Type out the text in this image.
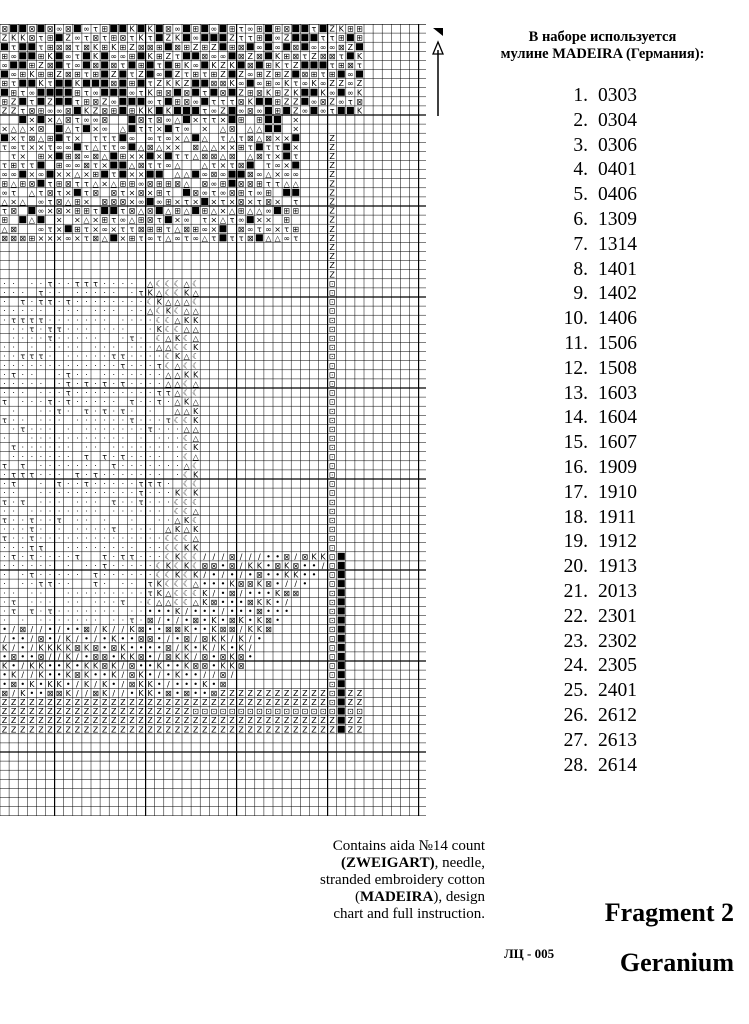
⊠	⊠ ⊠ ∞ ⊠ ∞ τ ⊞	K K ⊠ ∞ ⊞ ∞ ⊞ τ ∞ ⊞ ⊞ ⊠	τ Z K ⊞ ⊞
Z K K ⊠ τ ⊞ Z ∞ τ ⊠ τ ⊞ ⊠ τ K τ Z K ∞	Z τ τ ⊞ ∞ Z	τ τ ⊞ ⊞
τ	τ ⊞ ⊠ ⊠ τ ⊠ K ⊞ K ⊞ Z ⊠ ⊠ ⊞ ⊠ ⊞ Z ⊞ Z ⊞ ⊠ ∞ ∞ ⊠ ∞ ∞ ∞ ⊠ Z
⊞ ∞	⊞ K ∞ τ K ∞ ∞ ⊞ K ⊞ Z τ	⊠ ∞ ∞ ⊠ Z ⊠ K ⊞ ⊠ τ Z ⊠ ⊠ τ K
∞	⊞ Z ⊠ τ ∞ ⊠ ⊠ τ ⊞ τ ⊞ K ∞ K Z K ⊠ ⊞ K τ Z	τ ⊞ ⊠ τ
∞ ⊞ K ⊞ ⊞ Z ⊠ ⊞ τ ⊞ Z τ Z ∞ Z τ ⊞ τ ⊞ Z Z ∞ ⊞ Z ⊞ Z ⊠ ⊞ τ ⊞ ∞
⊞ τ	K τ	K	⊠ ⊞ τ Z K K Z	⊠ ⊠ K ∞ ∞ ⊞ ∞ K τ ∞ K ∞ Z Z ∞ Z
⊞ τ ∞	⊞ τ ∞	∞ τ K ⊞ ⊠ ⊠ τ ⊠ Z ⊞ ⊠ K ⊞ Z K	K ∞ ∞ K
⊞ Z τ Z	τ ⊞ ⊠ Z ∞	∞ τ ⊞ ⊠ ∞ τ τ τ ⊠ K	⊞ Z Z ∞ ⊠ Z ∞ τ ⊠
Z Z τ ⊠ ⊞ ∞ ∞ ⊠ K Z ⊠ ⊞ ⊞ K K K	τ ∞ Z ∞ ⊠ ∞ ⊞ Z ∞ ∞ τ	K
× × △ ⊠ τ ∞ ∞ ⊠	⊠ τ ⊠ ∞ △ × τ τ × ⊞ ⊞	×
× △ △ × ⊠	△ τ × ∞ △ τ τ × τ ∞ × △ ⊠ △ △	×
× τ ⊠ △ ⊞ τ × τ τ τ ∞ ∞ τ ∞ × △ △ τ △ τ ⊠ △ ⊠ × ×	Z
τ ∞ τ × × τ ∞ ∞ τ △ τ τ ∞ △ ⊠ △ × × ⊠ △ △ × × ⊞ τ τ τ ×	Z
τ × ⊞ × ⊞ ⊠ ∞ ⊠ △ ⊞ × × × τ τ △ ⊠ ⊠ △ ⊠ △ ⊠ τ × τ	Z
τ ⊞ τ τ	⊞ ∞ ∞ ⊠ τ ×	△ ⊠ τ τ ∞ △	△ τ × τ ⊠	τ ∞ ×	Z
∞ ∞ × ∞ × × △ × ⊞ τ × ×	△ △ ∞ ⊠ ∞	⊠ ∞ △ × ∞ ∞	Z
⊞ △ ⊞ ⊠ τ ⊞ ⊠ τ τ △ × △ ⊞ ⊞ ∞ ⊠ ⊞ ⊞ ⊠ △ ⊠ ∞ ⊞ ⊠ ⊠ ⊞ τ τ △ △	Z
∞ τ △ τ ⊠ τ × τ ⊠ ⊠ τ × ⊠ × ⊞ τ	⊠ ∞ τ ∞ ⊠ ⊞ τ ∞ ⊞	Z
△ × △ ∞ τ ⊠ △ ⊞ × ⊠ ⊠ ⊠ × ∞ ∞ ⊞ × τ × × τ × ⊠ × τ ⊠ × τ	Z
τ ⊠	∞ × ⊠ × ⊞ ⊞ τ	τ ⊠ △ ⊠ △ ⊞ △ ⊞ △ × △ ⊞ △ △ ∞ ⊞ ⊞	Z
⊞	△	× × △ × ⊞ τ ∞ △ ⊞ ⊠ τ × ∞ τ × △ τ ∞ × × ⊞	Z
△ ⊠	∞ τ × ⊞ τ × ∞ × τ τ ⊠ ⊞ ⊞ τ △ ⊠ ⊞ ∞ ×	⊠ ∞ τ ∞ × τ ⊞	Z
⊠ ⊠ ⊠ ⊞ × × × ∞ × τ ⊠ △ × ⊞ τ ∞ τ △ ∞ τ ∞ △ τ τ τ ⊠ △ △ ∞ τ	Z
Z
Z
Z
Z
· · · · τ · · τ τ τ · · · · △ ☾ ☾ ☾ △ ☾	⊡
· · · τ · · · · · · · · τ K △ ☾ ☾ K △	⊡
· τ · τ τ · τ · · · · · · · · ☾ K △ △ △ ☾	⊡
· · · · · · · · · · · · · △ ☾ K ☾ △ △	⊡
· τ τ τ τ · · · · · · · · · · · ☾ ☾ △ K K	⊡
· · τ · τ τ · · · · · ·	· K ☾ ☾ △ △	⊡
· · · · τ · · · · ·	· τ · ☾ △ K ☾ △	⊡
· · · · · · · · · · · · · △ △ ☾ ☾ K	⊡
· · τ τ τ · · · · · · τ τ · · · · ☾ K △ ☾	⊡
· · · · · · · · · · · · · τ · · · τ ☾ △ ☾ ☾	⊡
· τ · ·	· τ · · · · · · · · · △ △ K K	⊡
· · · · · · τ · τ · τ · τ · · · · △ △ ☾ △	⊡
· · · · · · τ · · · · · · · · · τ τ △ ☾ ☾	⊡
τ · · · τ · τ · · · · · τ · · τ · △ K △	⊡
·	· · τ · τ · τ · τ · ·	△ △ K	⊡
τ · · · · · · · · · · · τ · · · τ ☾ ☾ K	⊡
· τ · · · · · · · · · · · τ · · · △ △	⊡
·	· · · · · · · · · · · · · · · ☾ △	⊡
τ · · · · · · · · · · · · · · · · ☾ K	⊡
· · · · · · · τ τ · τ · · · · · ☾ △	⊡
τ τ · · · · · · · τ · · · · · · · △ ☾	⊡
· τ τ τ · · · τ · τ · · · · · · · · ☾ K	⊡
· τ	· τ · · τ · · · · · τ τ τ · ☾ ☾	⊡
· ·	· · · · · · · · · · · τ · · · K ☾ K	⊡
τ · τ · · · · · · τ · · τ · · · ☾ ☾ ☾	⊡
· · · · · · · · · · · · · · · · ☾ ☾ △	⊡
τ · · τ · · τ · · ·	·	· · △ K ☾	⊡
· · · τ · · · · · · τ · · · △ K △ K	⊡
τ · · τ · · · · · · · · · · · · · · ☾ ☾ ☾ △	⊡
· · · τ τ	· · · · · · · · · · ☾ ☾ K K	⊡
· τ · τ · · · · τ	τ · τ τ · · · ☾ K ☾ ☾ / / / ⊠ / / / • • ⊠ / ⊠ K K ⊡
· · · · · · · · · τ · · · · · ☾ K ☾ K ☾ ⊠ ⊠ • ⊠ / K K • ⊠ K ⊠ • • / ⊡
· · τ · · · · · τ · · · · · · ☾ ☾ K ☾ K / • / • / • ⊠ • • K K • • ⊡
· · · τ τ · ·	τ · · · τ K ☾ ☾ ☾ △ • • • K ⊠ ⊠ K ⊠ • / / •	⊡
· · · ·	· · · · · · · · · τ K △ ☾ ☾ ☾ K / • ⊠ / • • • K ⊠ ⊠	⊡
· τ · · · · · · · · τ · ☾ △ △ ☾ ☾ △ K ⊠ • • • ⊠ K K • /	⊡
· τ τ · τ · · · · · · · · · • • • K / • • • / • • • ⊠ • • •	⊡
· · · · · · · · · · · τ · ⊠ / • / • ⊠ • K • ⊠ K • K ⊠ •	⊡
• / ⊠ / / • / • • ⊠ / K / / K ⊠ • • ⊠ ⊠ K • • K ⊠ ⊠ / K K ⊠	⊡
/ • • / ⊠ • / K / • / • K • • ⊠ ⊠ • / • ⊠ / ⊠ K K / K / •	⊡
K / • / K K K K ⊠ K ⊠ • ⊠ K • • • • ⊠ / K • K / K • K /	⊡
• ⊠ • • ⊠ / / K / • ⊠ ⊠ • K K ⊠ • / ⊠ K K / ⊠ • ⊠ K ⊠ •	⊡
K • / K K • • K • K K ⊠ K / ⊠ • • K • • K ⊠ ⊠ • K K ⊠	⊡
• K / / K • • K ⊠ K • • K / ⊠ K • / • K • • / / ⊠ /	⊡
• ⊠ • K • K K • / K / K • / ⊠ K K • / • • • K • ⊠	⊡
⊠ / K • • ⊠ ⊠ K / / ⊠ K / / • K K • ⊠ • ⊠ • • ⊠ Z Z Z Z Z Z Z Z Z Z Z Z ⊡ Z Z
Z Z Z Z Z Z Z Z Z Z Z Z Z Z Z Z Z Z Z Z Z Z Z Z Z Z Z Z Z Z Z Z Z Z Z Z ⊡ Z Z
Z Z Z Z Z Z Z Z Z Z Z Z Z Z Z Z Z Z Z Z Z ⊡ ⊡ ⊡ ⊡ ⊡ ⊡ ⊡ ⊡ ⊡ ⊡ ⊡ ⊡ ⊡ ⊡ ⊡ ⊡ ⊡ ⊡
Z Z Z Z Z Z Z Z Z Z Z Z Z Z Z Z Z Z Z Z Z Z Z Z Z Z Z Z Z Z Z Z Z Z Z Z Z Z Z
Z Z Z Z Z Z Z Z Z Z Z Z Z Z Z Z Z Z Z Z Z Z Z Z Z Z Z Z Z Z Z Z Z Z Z Z Z Z Z
В наборе используется
мулине MADEIRA (Германия):
1. 0303
2. 0304
3. 0306
4. 0401
5. 0406
6. 1309
7. 1314
8. 1401
9. 1402
10. 1406
11. 1506
12. 1508
13. 1603
14. 1604
15. 1607
16. 1909
17. 1910
18. 1911
19. 1912
20. 1913
21. 2013
22. 2301
23. 2302
24. 2305
25. 2401
26. 2612
27. 2613
28. 2614
Contains aida №14 count (ZWEIGART), needle,
stranded embroidery cotton (MADEIRA), design
chart and full instruction.	Fragment 2
ЛЦ - 005	Geranium
